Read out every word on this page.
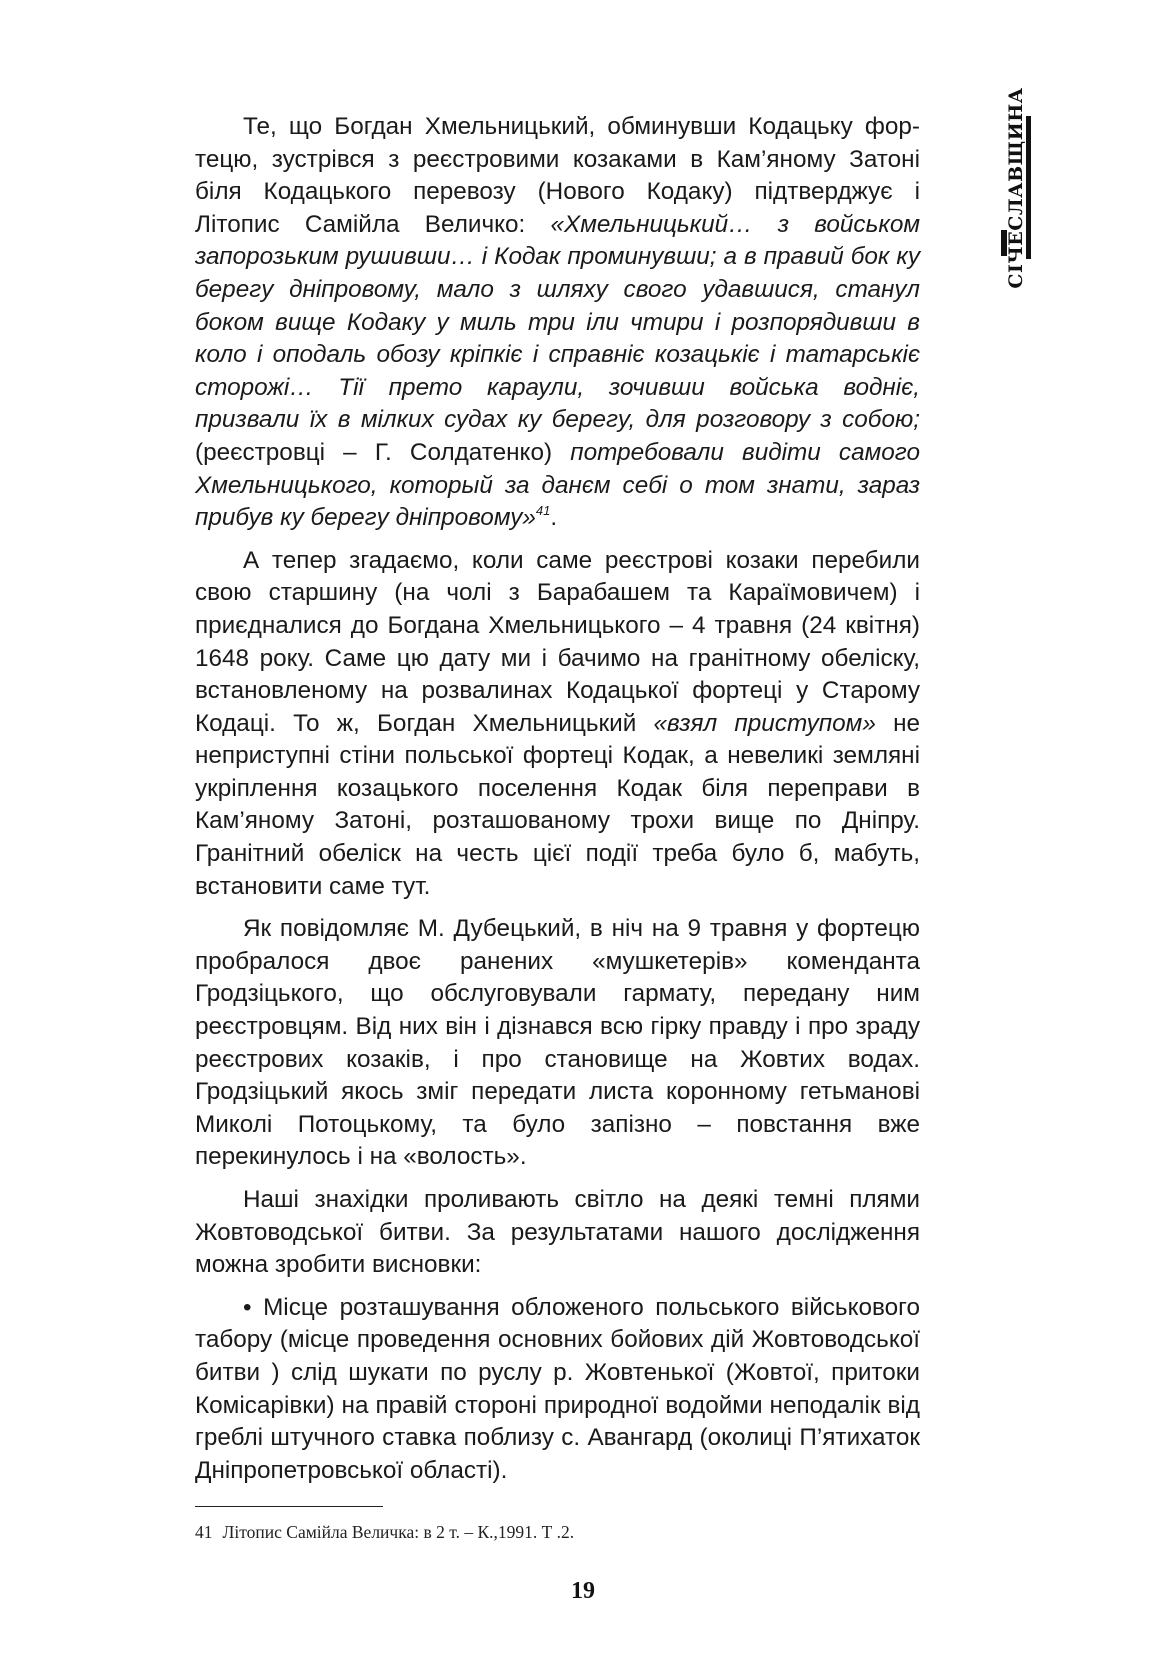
СІЧЕСЛАВЩИНА

Те, що Богдан Хмельницький, обминувши Кодацьку фортецю, зустрівся з реєстровими козаками в Кам’яному Затоні біля Кодацького перевозу (Нового Кодаку) підтверджує і Літопис Самійла Величко: «Хмельницький… з войськом запорозьким рушивши… і Кодак проминувши; а в правий бок ку берегу дніпровому, мало з шляху свого удавшися, станул боком вище Кодаку у миль три іли чтири і розпорядивши в коло і оподаль обозу кріпкіє і справніє козацькіє і татарськіє сторожі… Тії прето караули, зочивши войська водніє, призвали їх в мілких судах ку берегу, для розговору з собою; (реєстровці – Г. Солдатенко) потребовали видіти самого Хмельницького, который за данєм себі о том знати, зараз прибув ку берегу дніпровому»$^{41}$.

А тепер згадаємо, коли саме реєстрові козаки перебили свою старшину (на чолі з Барабашем та Караїмовичем) і приєдналися до Богдана Хмельницького – 4 травня (24 квітня) 1648 року. Саме цю дату ми і бачимо на гранітному обеліску, встановленому на розвалинах Кодацької фортеці у Старому Кодаці. То ж, Богдан Хмельницький «взял приступом» не неприступні стіни польської фортеці Кодак, а невеликі земляні укріплення козацького поселення Кодак біля переправи в Кам’яному Затоні, розташованому трохи вище по Дніпру. Гранітний обеліск на честь цієї події треба було б, мабуть, встановити саме тут.

Як повідомляє М. Дубецький, в ніч на 9 травня у фортецю пробралося двоє ранених «мушкетерів» коменданта Гродзіцького, що обслуговували гармату, передану ним реєстровцям. Від них він і дізнався всю гірку правду і про зраду реєстрових козаків, і про становище на Жовтих водах. Гродзіцький якось зміг передати листа коронному гетьманові Миколі Потоцькому, та було запізно – повстання вже перекинулось і на «волость».

Наші знахідки проливають світло на деякі темні плями Жовтоводської битви. За результатами нашого дослідження можна зробити висновки:

• Місце розташування обложеного польського військового табору (місце проведення основних бойових дій Жовтоводської битви ) слід шукати по руслу р. Жовтенької (Жовтої, притоки Комісарівки) на правій стороні природної водойми неподалік від греблі штучного ставка поблизу с. Авангард (околиці П’ятихаток Дніпропетровської області).

41 Літопис Самійла Величка: в 2 т. – К.,1991. Т .2.
19
